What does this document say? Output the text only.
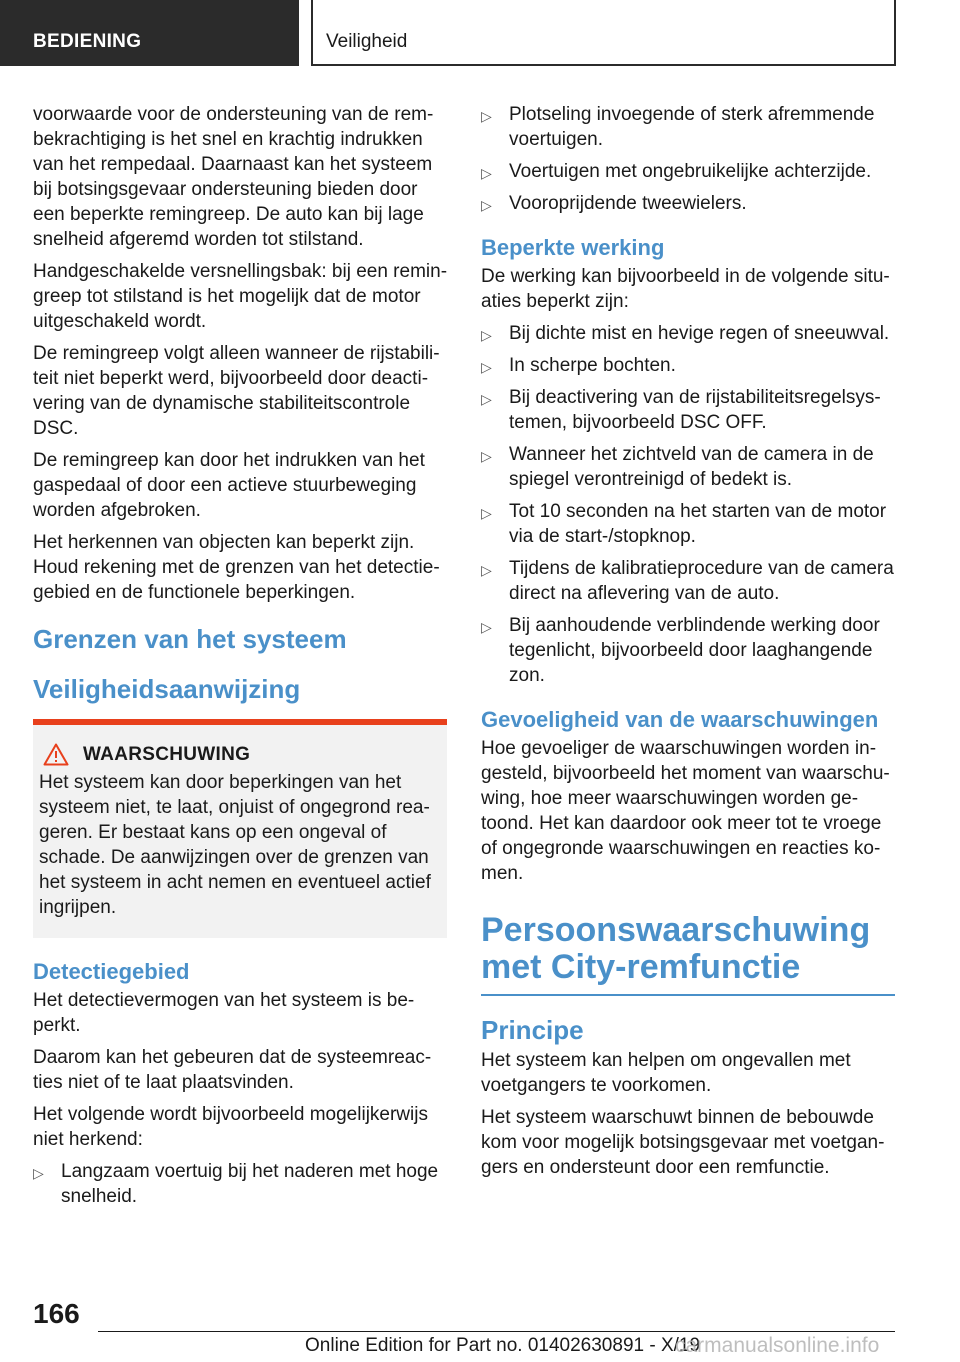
BEDIENING	Veiligheid

voorwaarde voor de ondersteuning van de rembekrachtiging is het snel en krachtig indrukken van het rempedaal. Daarnaast kan het systeem bij botsingsgevaar ondersteuning bieden door een beperkte remingreep. De auto kan bij lage snelheid afgeremd worden tot stilstand.

Handgeschakelde versnellingsbak: bij een remingreep tot stilstand is het mogelijk dat de motor uitgeschakeld wordt.

De remingreep volgt alleen wanneer de rijstabiliteit niet beperkt werd, bijvoorbeeld door deactivering van de dynamische stabiliteitscontrole DSC.

De remingreep kan door het indrukken van het gaspedaal of door een actieve stuurbeweging worden afgebroken.

Het herkennen van objecten kan beperkt zijn. Houd rekening met de grenzen van het detectiegebied en de functionele beperkingen.

Grenzen van het systeem
Veiligheidsaanwijzing
WAARSCHUWING

Het systeem kan door beperkingen van het systeem niet, te laat, onjuist of ongegrond reageren. Er bestaat kans op een ongeval of schade. De aanwijzingen over de grenzen van het systeem in acht nemen en eventueel actief ingrijpen.

Detectiegebied

Het detectievermogen van het systeem is beperkt.

Daarom kan het gebeuren dat de systeemreacties niet of te laat plaatsvinden.

Het volgende wordt bijvoorbeeld mogelijkerwijs niet herkend:

▷ Langzaam voertuig bij het naderen met hoge snelheid.
▷ Plotseling invoegende of sterk afremmende voertuigen.
▷ Voertuigen met ongebruikelijke achterzijde.
▷ Vooroprijdende tweewielers.
Beperkte werking

De werking kan bijvoorbeeld in de volgende situaties beperkt zijn:

▷ Bij dichte mist en hevige regen of sneeuwval.
▷ In scherpe bochten.
▷ Bij deactivering van de rijstabiliteitsregelsystemen, bijvoorbeeld DSC OFF.
▷ Wanneer het zichtveld van de camera in de spiegel verontreinigd of bedekt is.
▷ Tot 10 seconden na het starten van de motor via de start-/stopknop.
▷ Tijdens de kalibratieprocedure van de camera direct na aflevering van de auto.
▷ Bij aanhoudende verblindende werking door tegenlicht, bijvoorbeeld door laaghangende zon.
Gevoeligheid van de waarschuwingen

Hoe gevoeliger de waarschuwingen worden ingesteld, bijvoorbeeld het moment van waarschuwing, hoe meer waarschuwingen worden getoond. Het kan daardoor ook meer tot te vroege of ongegronde waarschuwingen en reacties komen.

Persoonswaarschuwing met City-remfunctie
Principe

Het systeem kan helpen om ongevallen met voetgangers te voorkomen.

Het systeem waarschuwt binnen de bebouwde kom voor mogelijk botsingsgevaar met voetgangers en ondersteunt door een remfunctie.

166
Online Edition for Part no. 01402630891 - X/19
carmanualsonline.info
